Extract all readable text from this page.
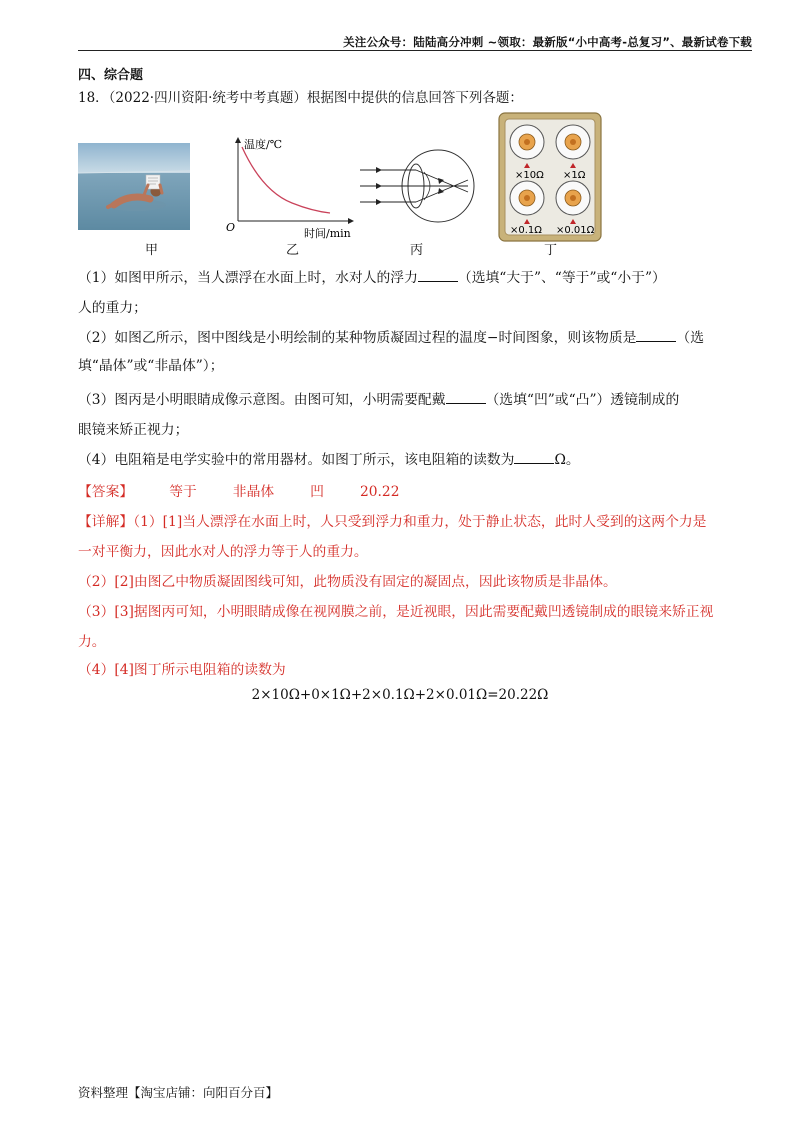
关注公众号：陆陆高分冲刺 ~领取：最新版“小中高考-总复习”、最新试卷下载
四、综合题
18．（2022·四川资阳·统考中考真题）根据图中提供的信息回答下列各题：
甲
温度/℃
时间/min
O
乙	丙
×10Ω ×1Ω
×0.1Ω ×0.01Ω
丁
（1）如图甲所示，当人漂浮在水面上时，水对人的浮力	（选填“大于”、“等于”或“小于”）
人的重力；
（2）如图乙所示，图中图线是小明绘制的某种物质凝固过程的温度−时间图象，则该物质是	（选
填“晶体”或“非晶体”）；
（3）图丙是小明眼睛成像示意图。由图可知，小明需要配戴	（选填“凹”或“凸”）透镜制成的
眼镜来矫正视力；
（4）电阻箱是电学实验中的常用器材。如图丁所示，该电阻箱的读数为	Ω。
【答案】	等于	非晶体	凹	20.22
【详解】（1）[1]当人漂浮在水面上时，人只受到浮力和重力，处于静止状态，此时人受到的这两个力是
一对平衡力，因此水对人的浮力等于人的重力。
（2）[2]由图乙中物质凝固图线可知，此物质没有固定的凝固点，因此该物质是非晶体。
（3）[3]据图丙可知，小明眼睛成像在视网膜之前，是近视眼，因此需要配戴凹透镜制成的眼镜来矫正视
力。
（4）[4]图丁所示电阻箱的读数为
2×10Ω+0×1Ω+2×0.1Ω+2×0.01Ω=20.22Ω
资料整理【淘宝店铺：向阳百分百】
